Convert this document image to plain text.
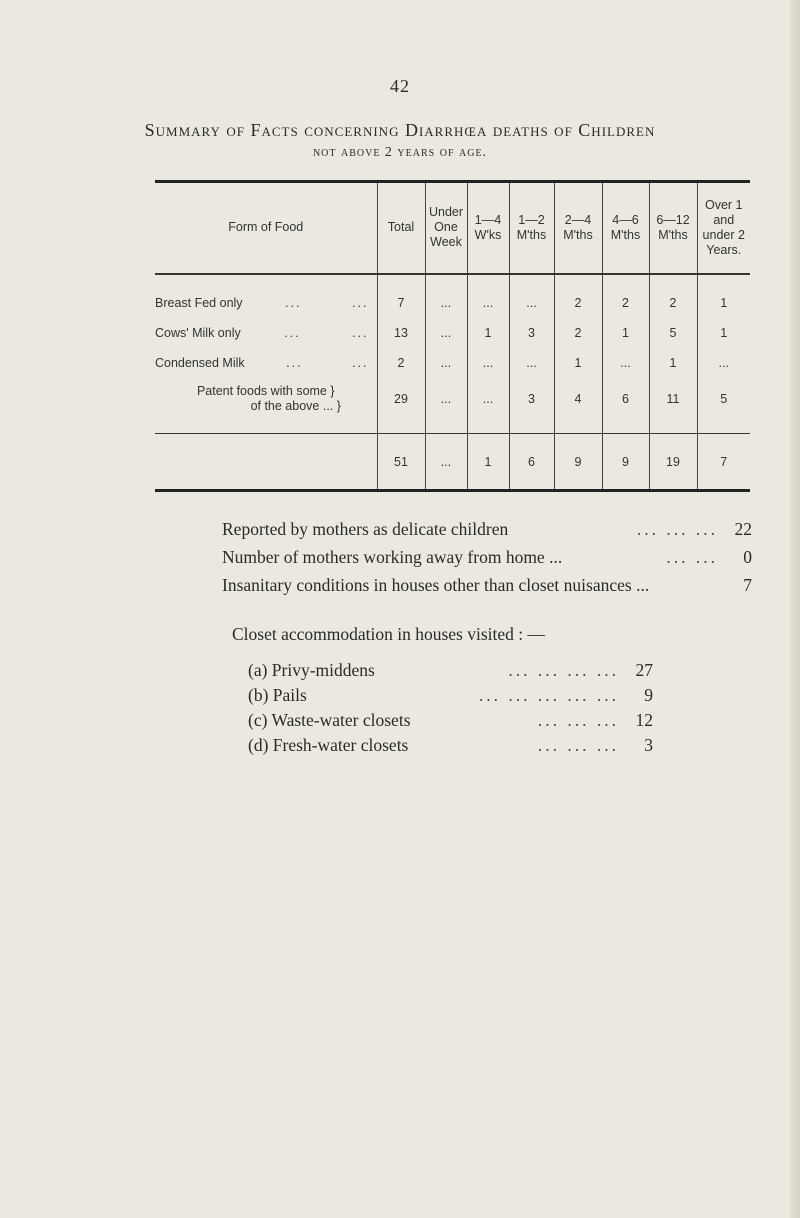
42
Summary of Facts concerning Diarrhœa deaths of Children
not above 2 years of age.
Form of Food	Total	Under One Week	1—4 W'ks	1—2 M'ths	2—4 M'ths	4—6 M'ths	6—12 M'ths	Over 1 and under 2 Years.

Breast Fed only ... ...	7	...	...	...	2	2	2	1

Cows' Milk only ... ...	13	...	1	3	2	1	5	1

Condensed Milk ... ...	2	...	...	...	1	...	1	...

Patent foods with some }
of the above ... }	29	...	...	3	4	6	11	5

	51	...	1	6	9	9	19	7
Reported by mothers as delicate children	... ... ... 22
Number of mothers working away from home ...	... ...	0
Insanitary conditions in houses other than closet nuisances ...	7
Closet accommodation in houses visited : —
(a) Privy-middens	... ... ... ... 27
(b) Pails	... ... ... ... ...	9
(c) Waste-water closets	... ... ... 12
(d) Fresh-water closets	... ... ...	3
